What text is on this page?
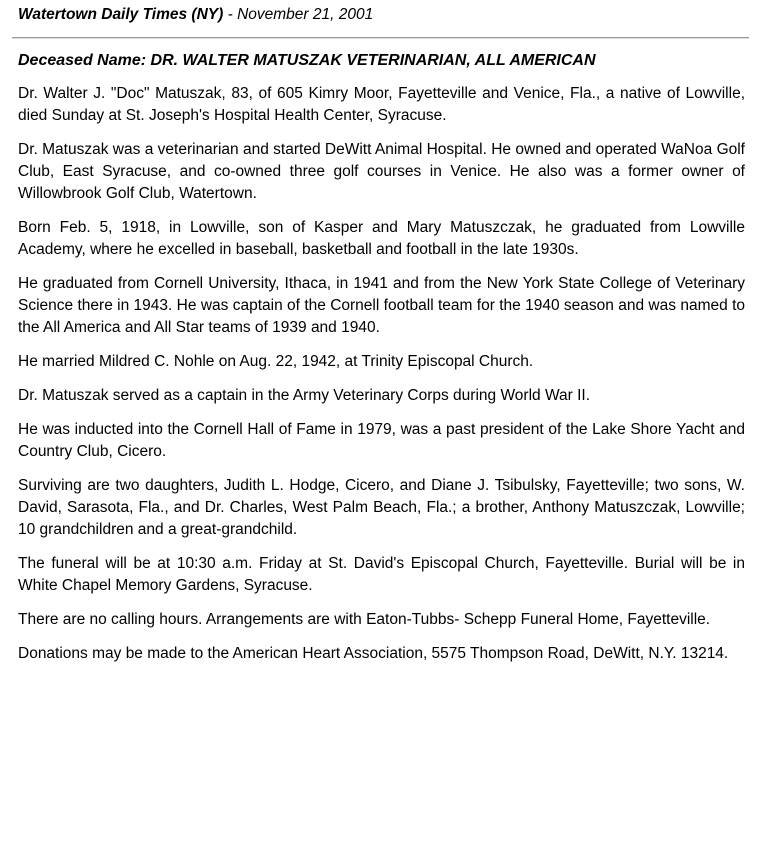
Watertown Daily Times (NY) - November 21, 2001

Deceased Name: DR. WALTER MATUSZAK VETERINARIAN, ALL AMERICAN

Dr. Walter J. "Doc" Matuszak, 83, of 605 Kimry Moor, Fayetteville and Venice, Fla., a native of Lowville, died Sunday at St. Joseph's Hospital Health Center, Syracuse.

Dr. Matuszak was a veterinarian and started DeWitt Animal Hospital. He owned and operated WaNoa Golf Club, East Syracuse, and co-owned three golf courses in Venice. He also was a former owner of Willowbrook Golf Club, Watertown.

Born Feb. 5, 1918, in Lowville, son of Kasper and Mary Matuszczak, he graduated from Lowville Academy, where he excelled in baseball, basketball and football in the late 1930s.

He graduated from Cornell University, Ithaca, in 1941 and from the New York State College of Veterinary Science there in 1943. He was captain of the Cornell football team for the 1940 season and was named to the All America and All Star teams of 1939 and 1940.

He married Mildred C. Nohle on Aug. 22, 1942, at Trinity Episcopal Church.

Dr. Matuszak served as a captain in the Army Veterinary Corps during World War II.

He was inducted into the Cornell Hall of Fame in 1979, was a past president of the Lake Shore Yacht and Country Club, Cicero.

Surviving are two daughters, Judith L. Hodge, Cicero, and Diane J. Tsibulsky, Fayetteville; two sons, W. David, Sarasota, Fla., and Dr. Charles, West Palm Beach, Fla.; a brother, Anthony Matuszczak, Lowville; 10 grandchildren and a great-grandchild.

The funeral will be at 10:30 a.m. Friday at St. David's Episcopal Church, Fayetteville. Burial will be in White Chapel Memory Gardens, Syracuse.

There are no calling hours. Arrangements are with Eaton-Tubbs- Schepp Funeral Home, Fayetteville.

Donations may be made to the American Heart Association, 5575 Thompson Road, DeWitt, N.Y. 13214.
